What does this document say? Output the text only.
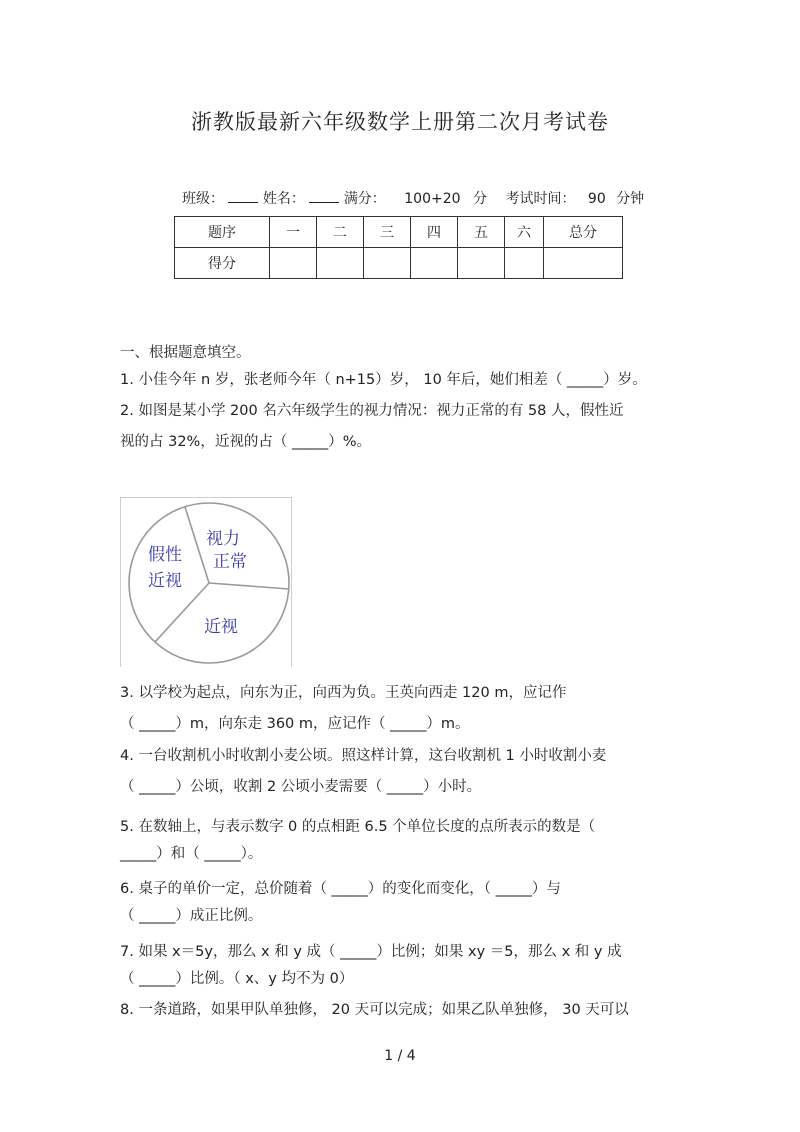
浙教版最新六年级数学上册第二次月考试卷
班级：	姓名：	满分： 100+20 分 考试时间： 90 分钟
题序	一	二	三	四	五	六	总分
得分							
一、根据题意填空。
1. 小佳今年 n 岁，张老师今年（ n+15）岁， 10 年后，她们相差（ _____）岁。
2. 如图是某小学 200 名六年级学生的视力情况：视力正常的有 58 人，假性近
视的占 32%，近视的占（ _____）%。
视力
正常
假性
近视
近视
3. 以学校为起点，向东为正，向西为负。王英向西走 120 m，应记作
（ _____）m，向东走 360 m，应记作（ _____）m。
4. 一台收割机小时收割小麦公顷。照这样计算，这台收割机 1 小时收割小麦
（ _____）公顷，收割 2 公顷小麦需要（ _____）小时。
5. 在数轴上，与表示数字 0 的点相距 6.5 个单位长度的点所表示的数是（
_____）和（ _____）。
6. 桌子的单价一定，总价随着（ _____）的变化而变化，（ _____）与
（ _____）成正比例。
7. 如果 x＝5y，那么 x 和 y 成（ _____）比例；如果 xy ＝5，那么 x 和 y 成
（ _____）比例。（ x、y 均不为 0）
8. 一条道路，如果甲队单独修， 20 天可以完成；如果乙队单独修， 30 天可以
1 / 4
